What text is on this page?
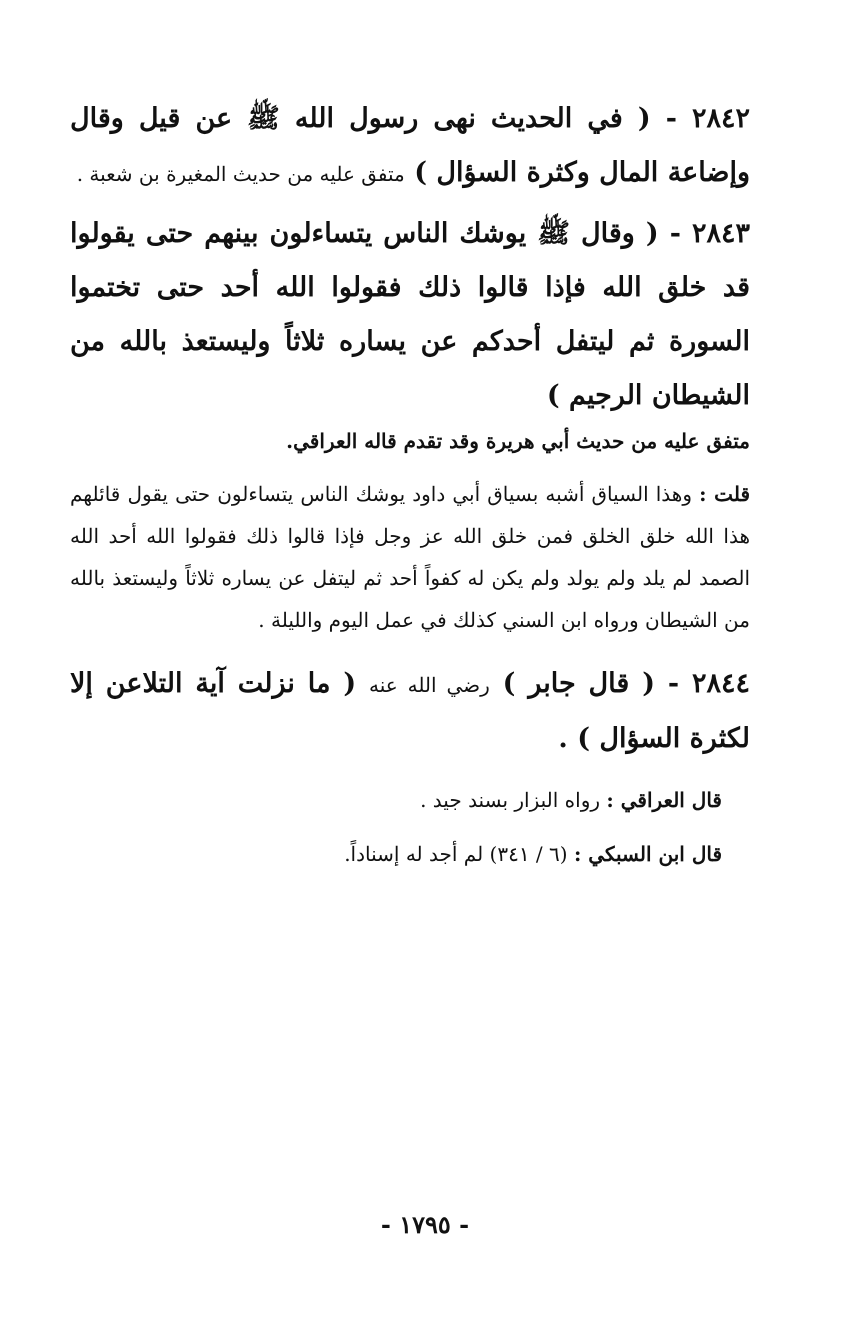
٢٨٤٢ - ( في الحديث نهى رسول الله ﷺ عن قيل وقال وإضاعة المال وكثرة السؤال ) متفق عليه من حديث المغيرة بن شعبة .
٢٨٤٣ - ( وقال ﷺ يوشك الناس يتساءلون بينهم حتى يقولوا قد خلق الله فإذا قالوا ذلك فقولوا الله أحد حتى تختموا السورة ثم ليتفل أحدكم عن يساره ثلاثاً وليستعذ بالله من الشيطان الرجيم )
متفق عليه من حديث أبي هريرة وقد تقدم قاله العراقي.
قلت : وهذا السياق أشبه بسياق أبي داود يوشك الناس يتساءلون حتى يقول قائلهم هذا الله خلق الخلق فمن خلق الله عز وجل فإذا قالوا ذلك فقولوا الله أحد الله الصمد لم يلد ولم يولد ولم يكن له كفواً أحد ثم ليتفل عن يساره ثلاثاً وليستعذ بالله من الشيطان ورواه ابن السني كذلك في عمل اليوم والليلة .
٢٨٤٤ - ( قال جابر ) رضي الله عنه ( ما نزلت آية التلاعن إلا لكثرة السؤال ) .
قال العراقي : رواه البزار بسند جيد .
قال ابن السبكي : (٦ / ٣٤١) لم أجد له إسناداً.
- ١٧٩٥ -
